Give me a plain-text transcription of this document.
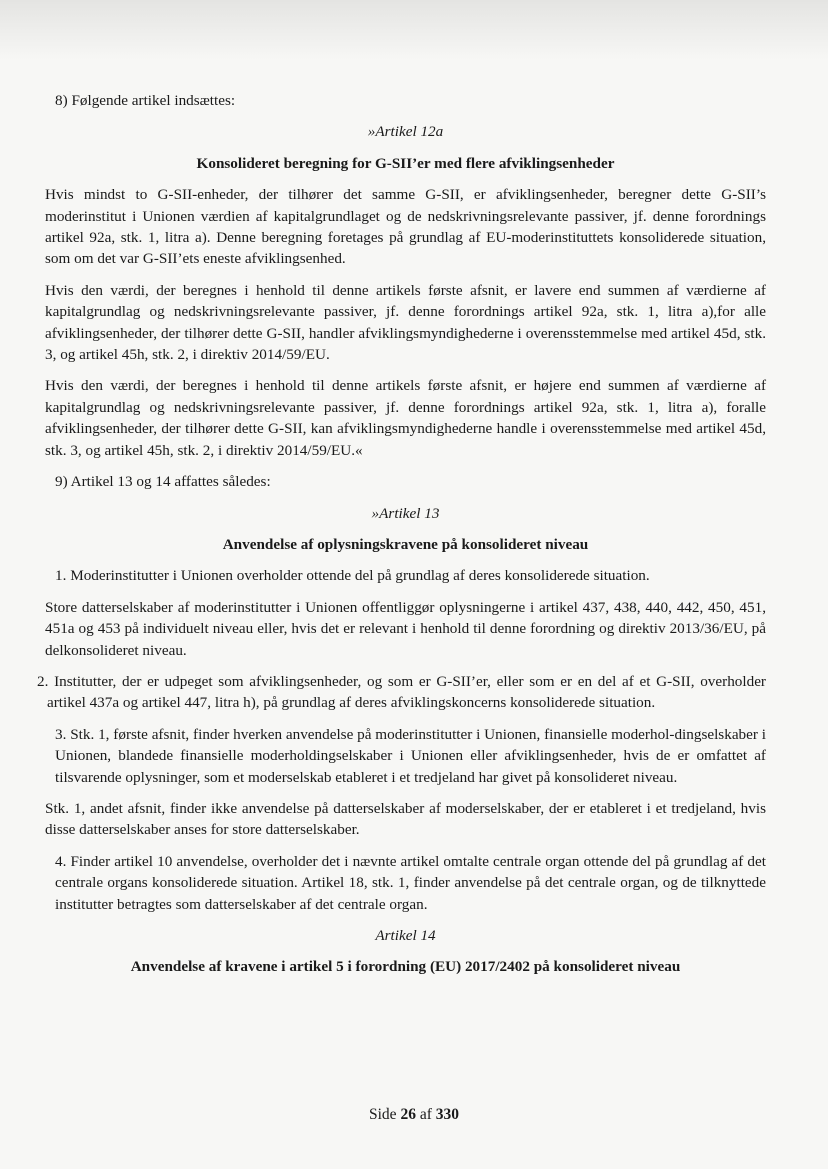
8) Følgende artikel indsættes:

»Artikel 12a

Konsolideret beregning for G-SII’er med flere afviklingsenheder

Hvis mindst to G-SII-enheder, der tilhører det samme G-SII, er afviklingsenheder, beregner dette G-SII’s moderinstitut i Unionen værdien af kapitalgrundlaget og de nedskrivningsrelevante passiver, jf. denne forordnings artikel 92a, stk. 1, litra a). Denne beregning foretages på grundlag af EU-moderinstituttets konsoliderede situation, som om det var G-SII’ets eneste afviklingsenhed.

Hvis den værdi, der beregnes i henhold til denne artikels første afsnit, er lavere end summen af værdierne af kapitalgrundlag og nedskrivningsrelevante passiver, jf. denne forordnings artikel 92a, stk. 1, litra a),for alle afviklingsenheder, der tilhører dette G-SII, handler afviklingsmyndighederne i overensstemmelse med artikel 45d, stk. 3, og artikel 45h, stk. 2, i direktiv 2014/59/EU.

Hvis den værdi, der beregnes i henhold til denne artikels første afsnit, er højere end summen af værdierne af kapitalgrundlag og nedskrivningsrelevante passiver, jf. denne forordnings artikel 92a, stk. 1, litra a), foralle afviklingsenheder, der tilhører dette G-SII, kan afviklingsmyndighederne handle i overensstemmelse med artikel 45d, stk. 3, og artikel 45h, stk. 2, i direktiv 2014/59/EU.«

9) Artikel 13 og 14 affattes således:

»Artikel 13

Anvendelse af oplysningskravene på konsolideret niveau

1. Moderinstitutter i Unionen overholder ottende del på grundlag af deres konsoliderede situation.

Store datterselskaber af moderinstitutter i Unionen offentliggør oplysningerne i artikel 437, 438, 440, 442, 450, 451, 451a og 453 på individuelt niveau eller, hvis det er relevant i henhold til denne forordning og direktiv 2013/36/EU, på delkonsolideret niveau.

2. Institutter, der er udpeget som afviklingsenheder, og som er G-SII’er, eller som er en del af et G-SII, overholder artikel 437a og artikel 447, litra h), på grundlag af deres afviklingskoncerns konsoliderede situation.

3. Stk. 1, første afsnit, finder hverken anvendelse på moderinstitutter i Unionen, finansielle moderhol-dingselskaber i Unionen, blandede finansielle moderholdingselskaber i Unionen eller afviklingsenheder, hvis de er omfattet af tilsvarende oplysninger, som et moderselskab etableret i et tredjeland har givet på konsolideret niveau.

Stk. 1, andet afsnit, finder ikke anvendelse på datterselskaber af moderselskaber, der er etableret i et tredjeland, hvis disse datterselskaber anses for store datterselskaber.

4. Finder artikel 10 anvendelse, overholder det i nævnte artikel omtalte centrale organ ottende del på grundlag af det centrale organs konsoliderede situation. Artikel 18, stk. 1, finder anvendelse på det centrale organ, og de tilknyttede institutter betragtes som datterselskaber af det centrale organ.

Artikel 14

Anvendelse af kravene i artikel 5 i forordning (EU) 2017/2402 på konsolideret niveau

Side 26 af 330
